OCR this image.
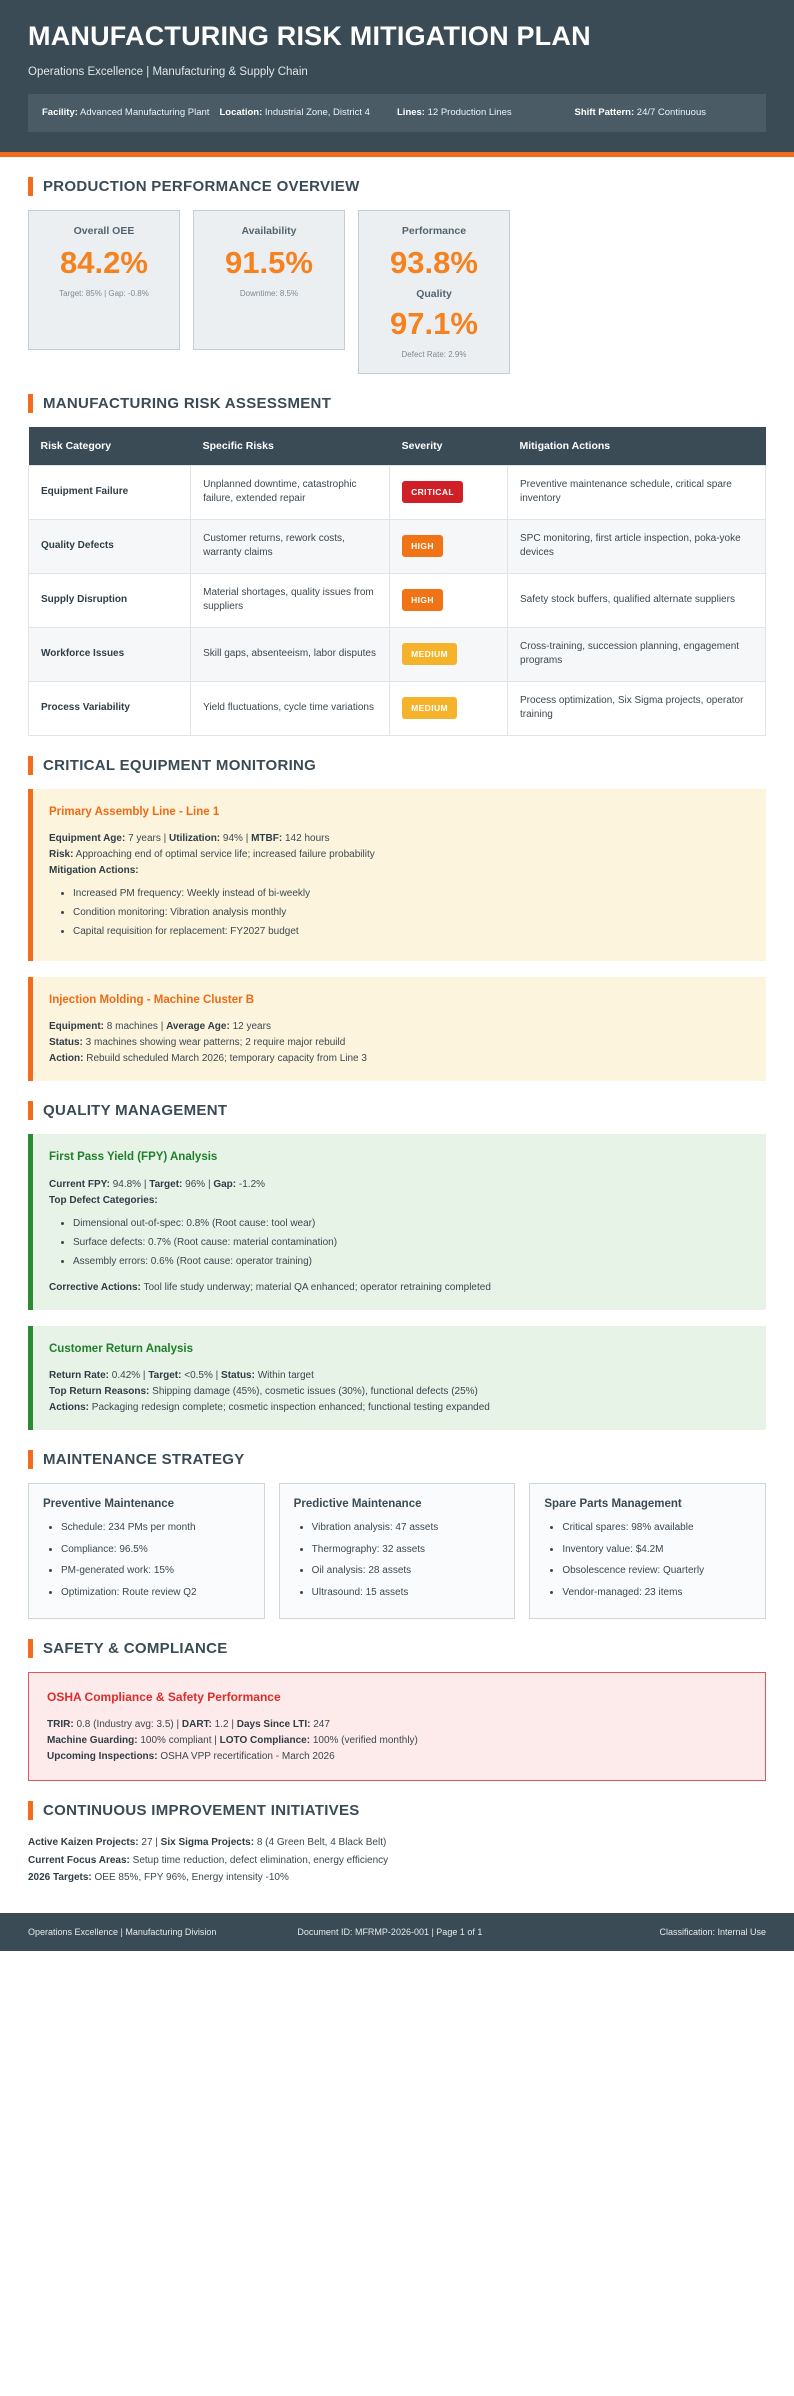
MANUFACTURING RISK MITIGATION PLAN
Operations Excellence | Manufacturing & Supply Chain
Facility: Advanced Manufacturing Plant	Location: Industrial Zone, District 4	Lines: 12 Production Lines	Shift Pattern: 24/7 Continuous
PRODUCTION PERFORMANCE OVERVIEW
Overall OEE
84.2%
Target: 85% | Gap: -0.8%
Availability
91.5%
Downtime: 8.5%
Performance
93.8%
Quality
97.1%
Defect Rate: 2.9%
MANUFACTURING RISK ASSESSMENT
Risk Category	Specific Risks	Severity	Mitigation Actions
Equipment Failure	Unplanned downtime, catastrophic failure, extended repair	CRITICAL	Preventive maintenance schedule, critical spare inventory
Quality Defects	Customer returns, rework costs, warranty claims	HIGH	SPC monitoring, first article inspection, poka-yoke devices
Supply Disruption	Material shortages, quality issues from suppliers	HIGH	Safety stock buffers, qualified alternate suppliers
Workforce Issues	Skill gaps, absenteeism, labor disputes	MEDIUM	Cross-training, succession planning, engagement programs
Process Variability	Yield fluctuations, cycle time variations	MEDIUM	Process optimization, Six Sigma projects, operator training
CRITICAL EQUIPMENT MONITORING
Primary Assembly Line - Line 1

Equipment Age: 7 years | Utilization: 94% | MTBF: 142 hours

Risk: Approaching end of optimal service life; increased failure probability

Mitigation Actions:

• Increased PM frequency: Weekly instead of bi-weekly
• Condition monitoring: Vibration analysis monthly
• Capital requisition for replacement: FY2027 budget
Injection Molding - Machine Cluster B

Equipment: 8 machines | Average Age: 12 years

Status: 3 machines showing wear patterns; 2 require major rebuild

Action: Rebuild scheduled March 2026; temporary capacity from Line 3

QUALITY MANAGEMENT
First Pass Yield (FPY) Analysis

Current FPY: 94.8% | Target: 96% | Gap: -1.2%

Top Defect Categories:

• Dimensional out-of-spec: 0.8% (Root cause: tool wear)
• Surface defects: 0.7% (Root cause: material contamination)
• Assembly errors: 0.6% (Root cause: operator training)

Corrective Actions: Tool life study underway; material QA enhanced; operator retraining completed

Customer Return Analysis

Return Rate: 0.42% | Target: <0.5% | Status: Within target

Top Return Reasons: Shipping damage (45%), cosmetic issues (30%), functional defects (25%)

Actions: Packaging redesign complete; cosmetic inspection enhanced; functional testing expanded

MAINTENANCE STRATEGY
Preventive Maintenance
• Schedule: 234 PMs per month
• Compliance: 96.5%
• PM-generated work: 15%
• Optimization: Route review Q2
Predictive Maintenance
• Vibration analysis: 47 assets
• Thermography: 32 assets
• Oil analysis: 28 assets
• Ultrasound: 15 assets
Spare Parts Management
• Critical spares: 98% available
• Inventory value: $4.2M
• Obsolescence review: Quarterly
• Vendor-managed: 23 items
SAFETY & COMPLIANCE
OSHA Compliance & Safety Performance

TRIR: 0.8 (Industry avg: 3.5) | DART: 1.2 | Days Since LTI: 247

Machine Guarding: 100% compliant | LOTO Compliance: 100% (verified monthly)

Upcoming Inspections: OSHA VPP recertification - March 2026

CONTINUOUS IMPROVEMENT INITIATIVES
Active Kaizen Projects: 27 | Six Sigma Projects: 8 (4 Green Belt, 4 Black Belt)
Current Focus Areas: Setup time reduction, defect elimination, energy efficiency
2026 Targets: OEE 85%, FPY 96%, Energy intensity -10%
Operations Excellence | Manufacturing Division	Document ID: MFRMP-2026-001 | Page 1 of 1	Classification: Internal Use
